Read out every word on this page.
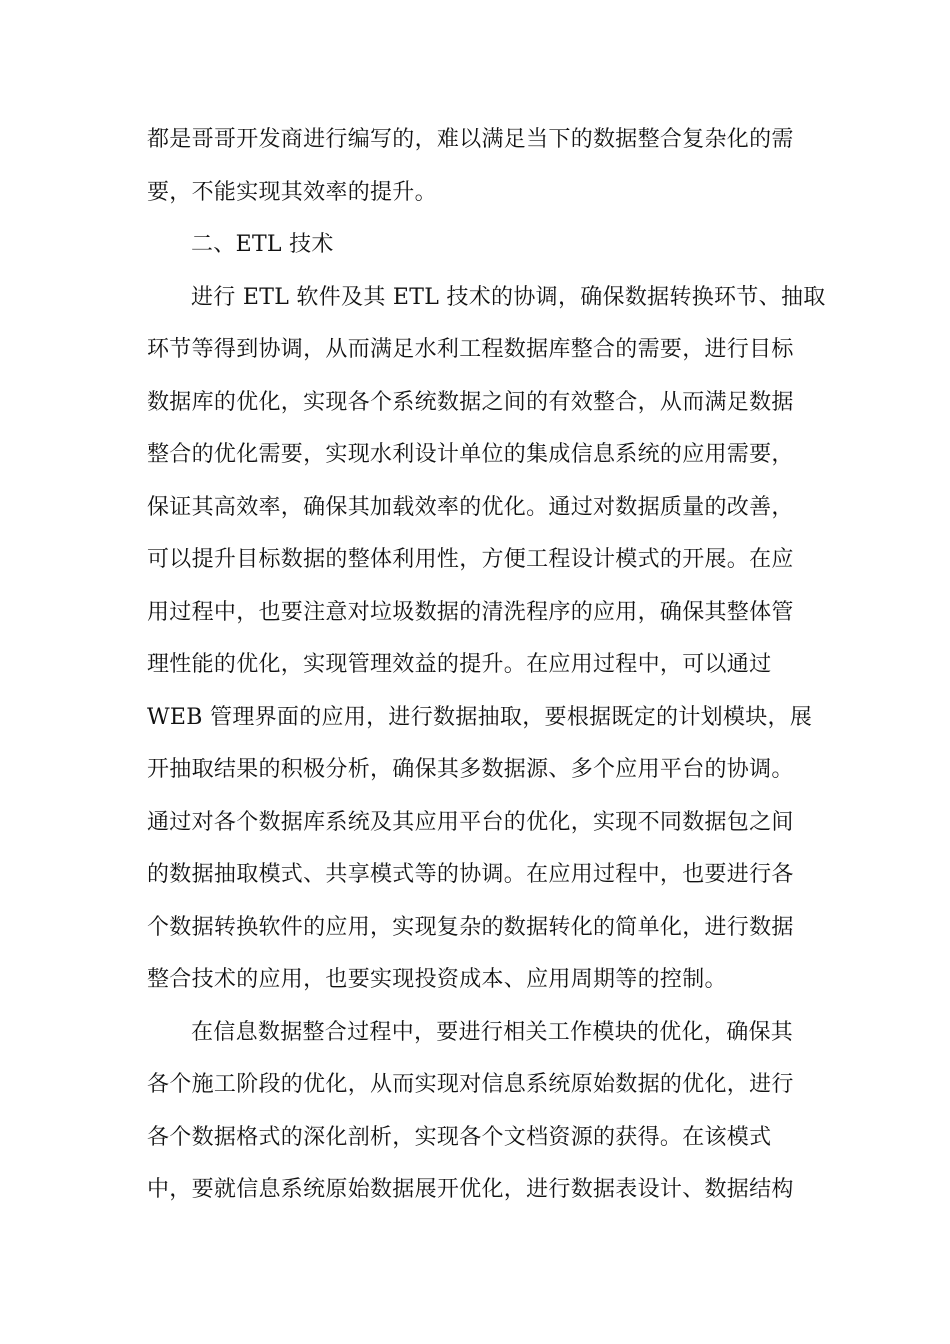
都是哥哥开发商进行编写的，难以满足当下的数据整合复杂化的需
要，不能实现其效率的提升。
二、ETL 技术
进行 ETL 软件及其 ETL 技术的协调，确保数据转换环节、抽取
环节等得到协调，从而满足水利工程数据库整合的需要，进行目标
数据库的优化，实现各个系统数据之间的有效整合，从而满足数据
整合的优化需要，实现水利设计单位的集成信息系统的应用需要，
保证其高效率，确保其加载效率的优化。通过对数据质量的改善，
可以提升目标数据的整体利用性，方便工程设计模式的开展。在应
用过程中，也要注意对垃圾数据的清洗程序的应用，确保其整体管
理性能的优化，实现管理效益的提升。在应用过程中，可以通过
WEB 管理界面的应用，进行数据抽取，要根据既定的计划模块，展
开抽取结果的积极分析，确保其多数据源、多个应用平台的协调。
通过对各个数据库系统及其应用平台的优化，实现不同数据包之间
的数据抽取模式、共享模式等的协调。在应用过程中，也要进行各
个数据转换软件的应用，实现复杂的数据转化的简单化，进行数据
整合技术的应用，也要实现投资成本、应用周期等的控制。
在信息数据整合过程中，要进行相关工作模块的优化，确保其
各个施工阶段的优化，从而实现对信息系统原始数据的优化，进行
各个数据格式的深化剖析，实现各个文档资源的获得。在该模式
中，要就信息系统原始数据展开优化，进行数据表设计、数据结构
